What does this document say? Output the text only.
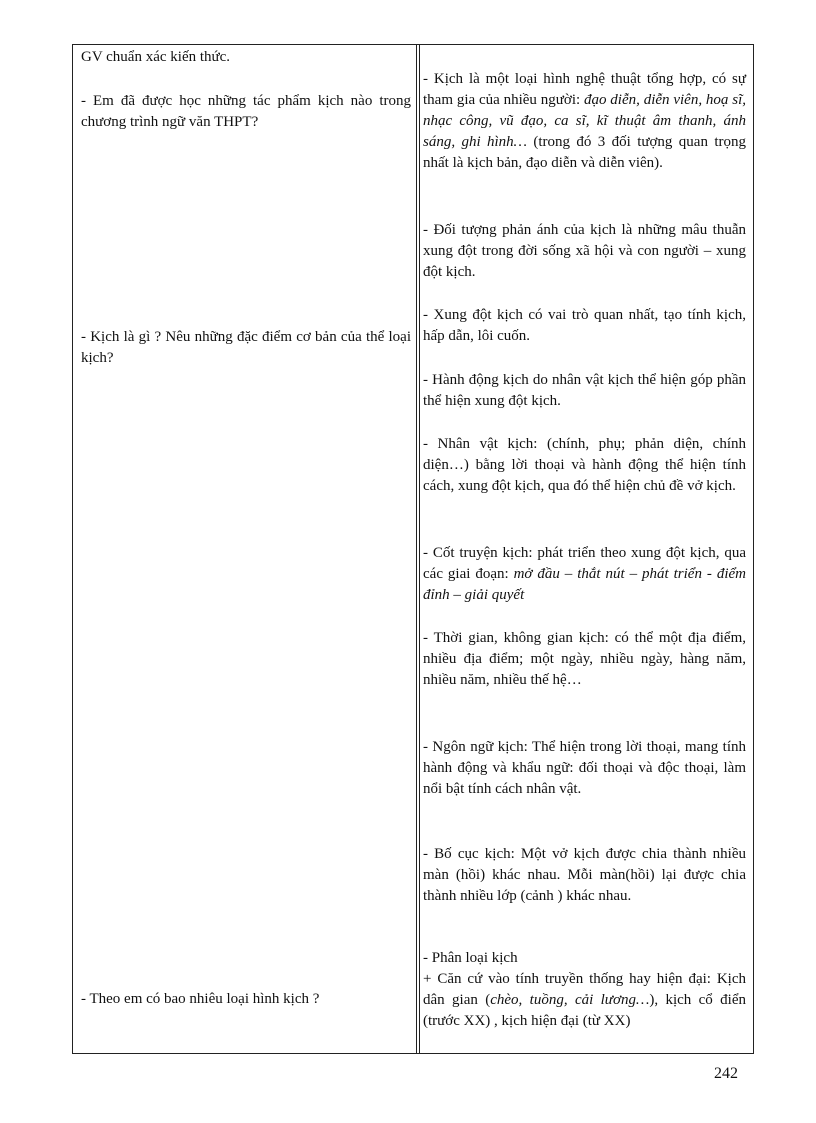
GV chuẩn xác kiến thức.
- Em đã được học những tác phẩm kịch nào trong chương trình ngữ văn THPT?
- Kịch là gì ? Nêu những đặc điểm cơ bản của thể loại kịch?
- Theo em có bao nhiêu loại hình kịch ?
- Kịch là một loại hình nghệ thuật tổng hợp, có sự tham gia của nhiều người: đạo diễn, diễn viên, hoạ sĩ, nhạc công, vũ đạo, ca sĩ, kĩ thuật âm thanh, ánh sáng, ghi hình… (trong đó 3 đối tượng quan trọng nhất là kịch bản, đạo diễn và diễn viên).
- Đối tượng phản ánh của kịch là những mâu thuẫn xung đột trong đời sống xã hội và con người – xung đột kịch.
- Xung đột kịch có vai trò quan nhất, tạo tính kịch, hấp dẫn, lôi cuốn.
- Hành động kịch do nhân vật kịch thể hiện góp phần thể hiện xung đột kịch.
- Nhân vật kịch: (chính, phụ; phản diện, chính diện…) bằng lời thoại và hành động thể hiện tính cách, xung đột kịch, qua đó thể hiện chủ đề vở kịch.
- Cốt truyện kịch: phát triển theo xung đột kịch, qua các giai đoạn: mở đầu – thắt nút – phát triển - điểm đỉnh – giải quyết
- Thời gian, không gian kịch: có thể một địa điểm, nhiều địa điểm; một ngày, nhiều ngày, hàng năm, nhiều năm, nhiều thế hệ…
- Ngôn ngữ kịch: Thể hiện trong lời thoại, mang tính hành động và khẩu ngữ: đối thoại và độc thoại, làm nổi bật tính cách nhân vật.
- Bố cục kịch: Một vở kịch được chia thành nhiều màn (hồi) khác nhau. Mỗi màn(hồi) lại được chia thành nhiều lớp (cảnh ) khác nhau.
- Phân loại kịch
+ Căn cứ vào tính truyền thống hay hiện đại: Kịch dân gian (chèo, tuồng, cải lương…), kịch cổ điển (trước XX) , kịch hiện đại (từ XX)
242
